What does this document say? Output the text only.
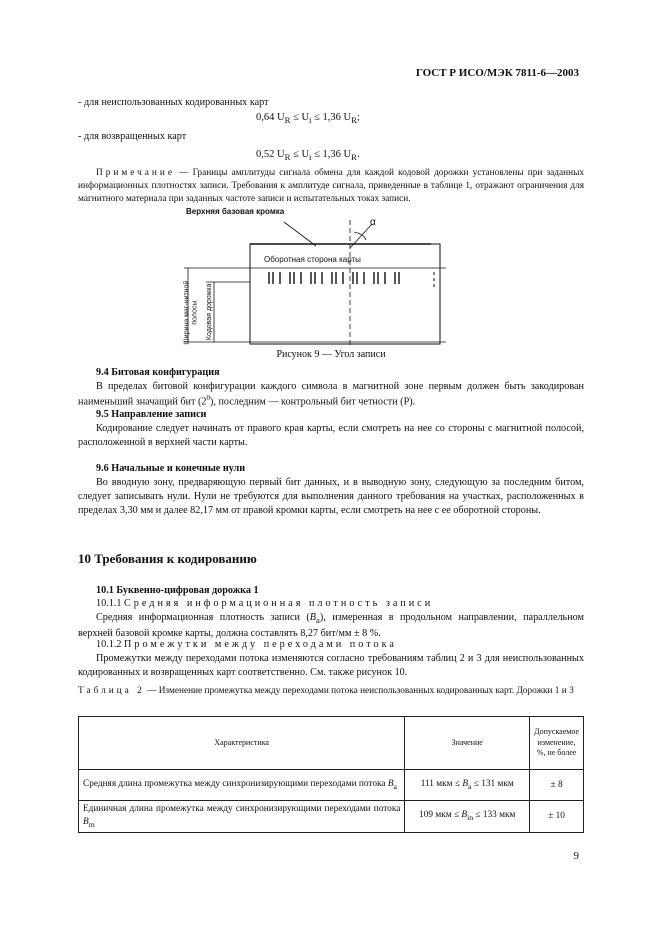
ГОСТ Р ИСО/МЭК 7811-6—2003
- для неиспользованных кодированных карт
0,64 $U_R \le U_i \le 1,36$ $U_R$;
- для возвращенных карт
0,52 $U_R \le U_i \le 1,36$ $U_R$.
Примечание — Границы амплитуды сигнала обмена для каждой кодовой дорожки установлены при заданных информационных плотностях записи. Требования к амплитуде сигнала, приведенные в таблице 1, отражают ограничения для магнитного материала при заданных частоте записи и испытательных токах записи.
Верхняя базовая кромка
Оборотная сторона карты
α
Ширина маг-нитной полосы Кодовая дорожка
Рисунок 9 — Угол записи
9.4 Битовая конфигурация
В пределах битовой конфигурации каждого символа в магнитной зоне первым должен быть закодирован наименьший значащий бит $(2^0)$, последним — контрольный бит четности (Р).
9.5 Направление записи
Кодирование следует начинать от правого края карты, если смотреть на нее со стороны с магнитной полосой, расположенной в верхней части карты.
9.6 Начальные и конечные нули
Во вводную зону, предваряющую первый бит данных, и в выводную зону, следующую за последним битом, следует записывать нули. Нули не требуются для выполнения данного требования на участках, расположенных в пределах 3,30 мм и далее 82,17 мм от правой кромки карты, если смотреть на нее с ее оборотной стороны.
10 Требования к кодированию
10.1 Буквенно-цифровая дорожка 1
10.1.1 Средняя информационная плотность записи
Средняя информационная плотность записи $(B_a)$, измеренная в продольном направлении, параллельном верхней базовой кромке карты, должна составлять 8,27 бит/мм ± 8 %.
10.1.2 Промежутки между переходами потока
Промежутки между переходами потока изменяются согласно требованиям таблиц 2 и 3 для неиспользованных кодированных и возвращенных карт соответственно. См. также рисунок 10.
Таблица 2 — Изменение промежутка между переходами потока неиспользованных кодированных карт. Дорожки 1 и 3
Характеристика	Значение	Допускаемое изменение, %, не более
Средняя длина промежутка между синхронизирующими переходами потока $B_a$	111 мкм ≤ $B_a \le 131$ мкм	± 8
Единичная длина промежутка между синхронизирующими переходами потока $B_m$	109 мкм ≤ $B_{in} \le 133$ мкм	± 10
9
